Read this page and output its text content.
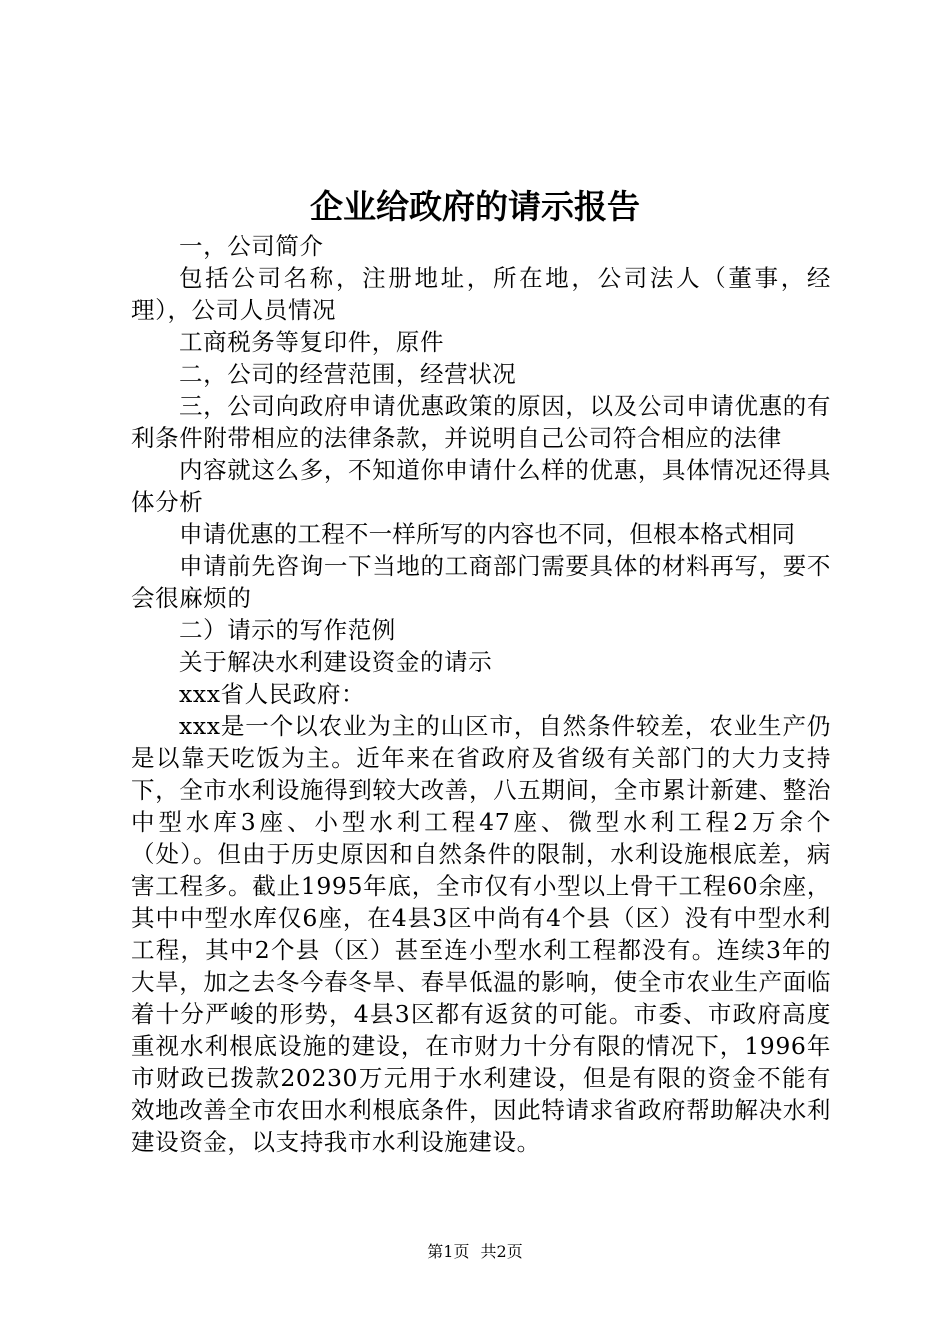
企业给政府的请示报告

一，公司简介

包括公司名称，注册地址，所在地，公司法人（董事，经理），公司人员情况

工商税务等复印件，原件

二，公司的经营范围，经营状况

三，公司向政府申请优惠政策的原因，以及公司申请优惠的有利条件附带相应的法律条款，并说明自己公司符合相应的法律

内容就这么多，不知道你申请什么样的优惠，具体情况还得具体分析

申请优惠的工程不一样所写的内容也不同，但根本格式相同

申请前先咨询一下当地的工商部门需要具体的材料再写，要不会很麻烦的

二）请示的写作范例

关于解决水利建设资金的请示

xxx省人民政府：

xxx是一个以农业为主的山区市，自然条件较差，农业生产仍是以靠天吃饭为主。近年来在省政府及省级有关部门的大力支持下，全市水利设施得到较大改善，八五期间，全市累计新建、整治中型水库3座、小型水利工程47座、微型水利工程2万余个（处）。但由于历史原因和自然条件的限制，水利设施根底差，病害工程多。截止1995年底，全市仅有小型以上骨干工程60余座，其中中型水库仅6座，在4县3区中尚有4个县（区）没有中型水利工程，其中2个县（区）甚至连小型水利工程都没有。连续3年的大旱，加之去冬今春冬旱、春旱低温的影响，使全市农业生产面临着十分严峻的形势，4县3区都有返贫的可能。市委、市政府高度重视水利根底设施的建设，在市财力十分有限的情况下，1996年市财政已拨款20230万元用于水利建设，但是有限的资金不能有效地改善全市农田水利根底条件，因此特请求省政府帮助解决水利建设资金，以支持我市水利设施建设。

第1页 共2页
